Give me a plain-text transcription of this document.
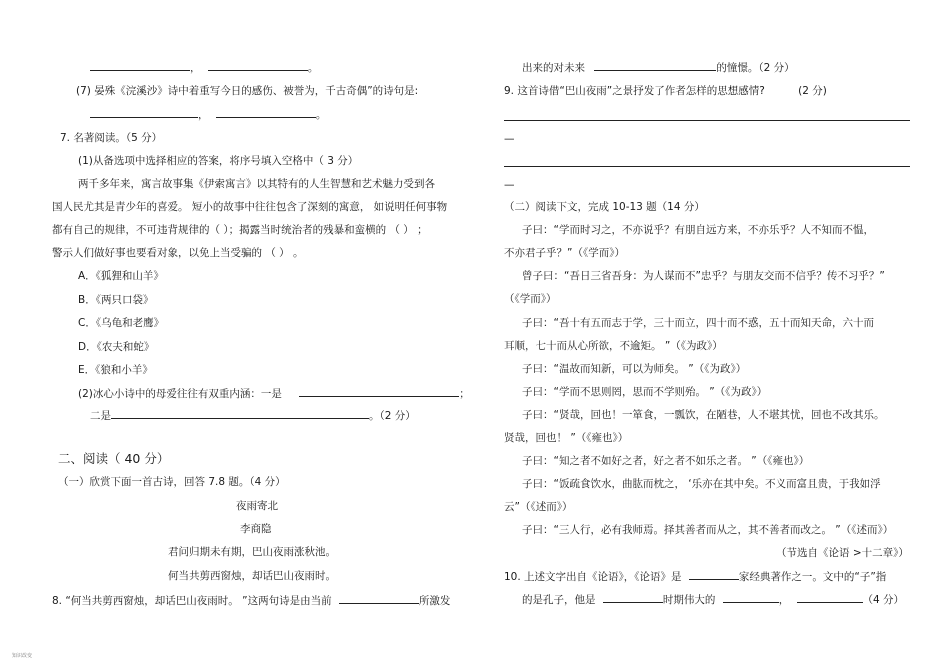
，	。
(7) 晏殊《浣溪沙》诗中着重写今日的感伤、被誉为，千古奇偶”的诗句是:
，	。
7. 名著阅读。（5 分）
(1)从备选项中选择相应的答案，将序号填入空格中（ 3 分）
两千多年来，寓言故事集《伊索寓言》以其特有的人生智慧和艺术魅力受到各
国人民尤其是青少年的喜爱。 短小的故事中往往包含了深刻的寓意， 如说明任何事物
都有自己的规律，不可违背规律的（ ）；揭露当时统治者的残暴和蛮横的 （ ） ；
警示人们做好事也要看对象，以免上当受骗的 （ ） 。
A．《狐狸和山羊》
B．《两只口袋》
C．《乌龟和老鹰》
D．《农夫和蛇》
E．《狼和小羊》
(2)冰心小诗中的母爱往往有双重内涵：一是	；
二是	。（2 分）
二、阅读（ 40 分）
（一）欣赏下面一首古诗，回答 7.8 题。（4 分）
夜雨寄北
李商隐
君问归期未有期，巴山夜雨涨秋池。
何当共剪西窗烛，却话巴山夜雨时。
8. “何当共剪西窗烛，却话巴山夜雨时。 ”这两句诗是由当前	所激发
出来的对未来	的憧憬。（2 分）
9. 这首诗借“巴山夜雨”之景抒发了作者怎样的思想感情?	(2 分)
—
—
（二）阅读下文，完成 10-13 题（14 分）
子曰：“学而时习之，不亦说乎？有朋自远方来，不亦乐乎？人不知而不愠，
不亦君子乎？”（《学而》）
曾子曰：“吾日三省吾身：为人谋而不”忠乎？与朋友交而不信乎？传不习乎？”
（《学而》）
子曰：“吾十有五而志于学，三十而立，四十而不惑，五十而知天命，六十而
耳顺，七十而从心所欲，不逾矩。 ”（《为政》）
子曰：“温故而知新，可以为师矣。 ”（《为政》）
子曰：“学而不思则罔，思而不学则殆。 ”（《为政》）
子曰：“贤哉，回也！一箪食，一瓢饮，在陋巷，人不堪其忧，回也不改其乐。
贤哉，回也！ ”（《雍也》）
子曰：“知之者不如好之者，好之者不如乐之者。 ”（《雍也》）
子曰：“饭疏食饮水，曲肱而枕之， ‘乐亦在其中矣。不义而富且贵，于我如浮
云”（《述而》）
子曰：“三人行，必有我师焉。择其善者而从之，其不善者而改之。 ”（《述而》）
（节选自《论语 >十二章》）
10. 上述文字出自《论语》，《论语》是	家经典著作之一。文中的“子”指
的是孔子，他是	时期伟大的	，	（4 分）
知识改变
